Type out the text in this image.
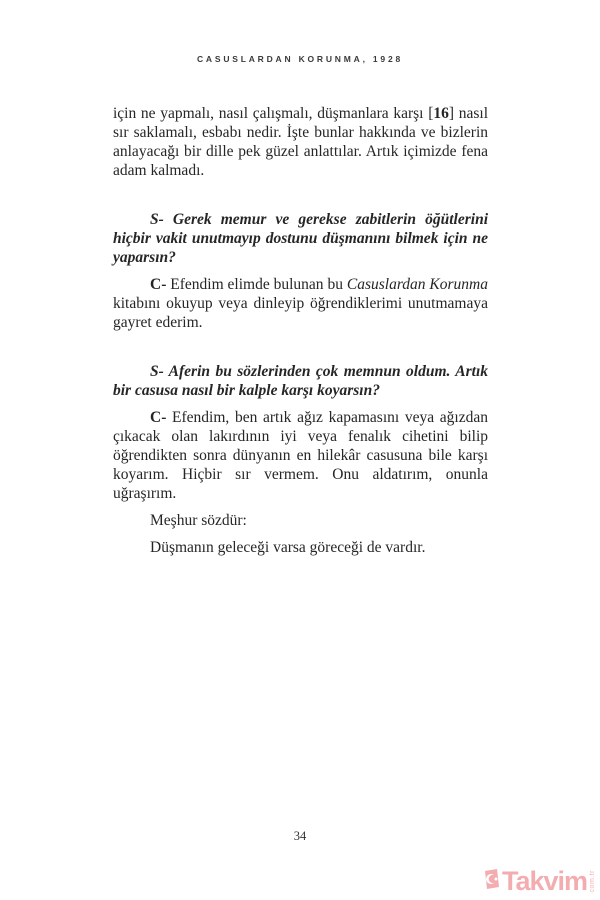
CASUSLARDAN KORUNMA, 1928

için ne yapmalı, nasıl çalışmalı, düşmanlara karşı [16] nasıl sır saklamalı, esbabı nedir. İşte bunlar hakkında ve bizlerin anlayacağı bir dille pek güzel anlattılar. Artık içimizde fena adam kalmadı.

S- Gerek memur ve gerekse zabitlerin öğütlerini hiçbir vakit unutmayıp dostunu düşmanını bilmek için ne yaparsın?

C- Efendim elimde bulunan bu Casuslardan Korunma kitabını okuyup veya dinleyip öğrendiklerimi unutmamaya gayret ederim.

S- Aferin bu sözlerinden çok memnun oldum. Artık bir casusa nasıl bir kalple karşı koyarsın?

C- Efendim, ben artık ağız kapamasını veya ağızdan çıkacak olan lakırdının iyi veya fenalık cihetini bilip öğrendikten sonra dünyanın en hilekâr casusuna bile karşı koyarım. Hiçbir sır vermem. Onu aldatırım, onunla uğraşırım.

Meşhur sözdür:

Düşmanın geleceği varsa göreceği de vardır.

34
Takvim com.tr
